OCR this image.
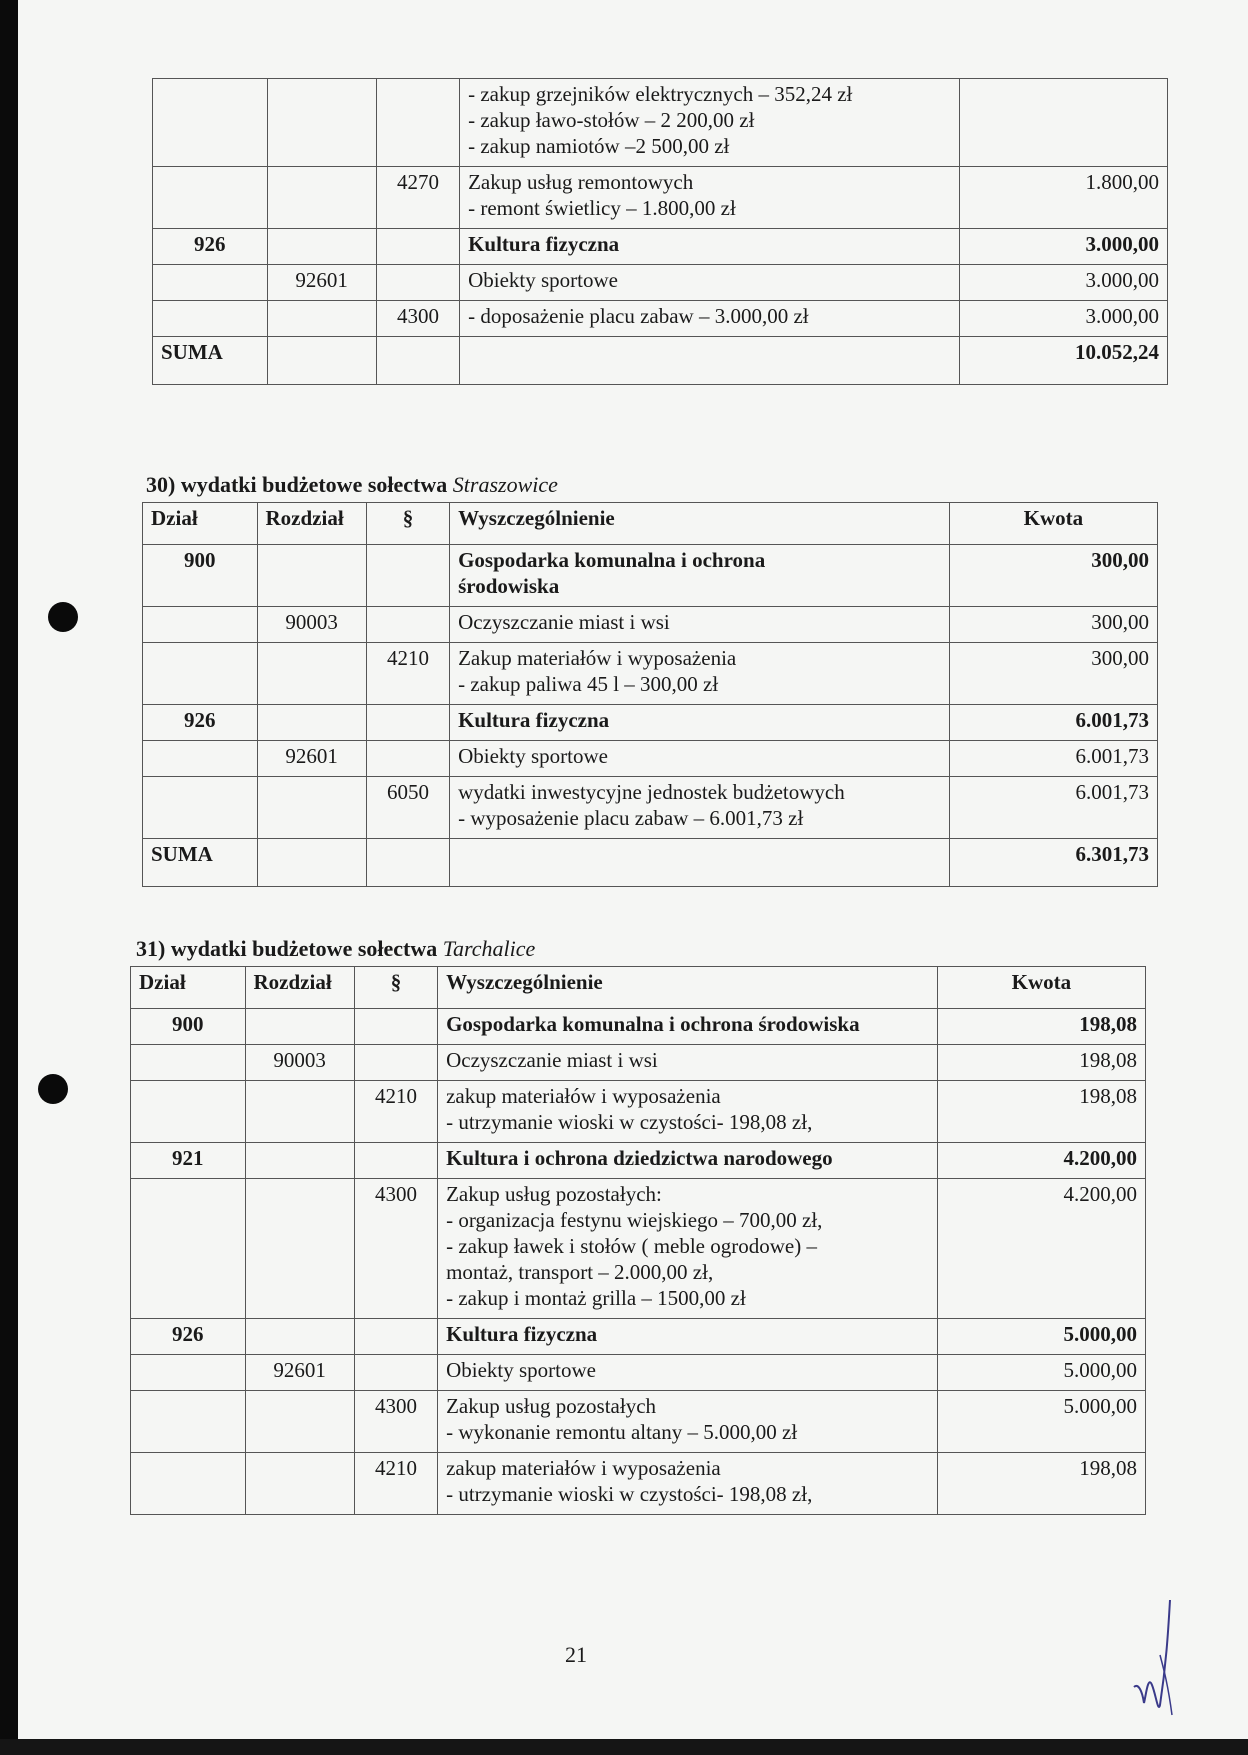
			- zakup grzejników elektrycznych – 352,24 zł
- zakup ławo-stołów – 2 200,00 zł
- zakup namiotów –2 500,00 zł	

		4270	Zakup usług remontowych
- remont świetlicy – 1.800,00 zł	1.800,00
926			Kultura fizyczna	3.000,00
	92601		Obiekty sportowe	3.000,00
		4300	- doposażenie placu zabaw – 3.000,00 zł	3.000,00
SUMA				10.052,24
30) wydatki budżetowe sołectwa Straszowice
Dział	Rozdział	§	Wyszczególnienie	Kwota
900			Gospodarka komunalna i ochrona
środowiska	300,00
	90003		Oczyszczanie miast i wsi	300,00
		4210	Zakup materiałów i wyposażenia
- zakup paliwa 45 l – 300,00 zł	300,00
926			Kultura fizyczna	6.001,73
	92601		Obiekty sportowe	6.001,73
		6050	wydatki inwestycyjne jednostek budżetowych
- wyposażenie placu zabaw – 6.001,73 zł	6.001,73
SUMA				6.301,73
31) wydatki budżetowe sołectwa Tarchalice
Dział	Rozdział	§	Wyszczególnienie	Kwota
900			Gospodarka komunalna i ochrona środowiska	198,08
	90003		Oczyszczanie miast i wsi	198,08
		4210	zakup materiałów i wyposażenia
- utrzymanie wioski w czystości- 198,08 zł,	198,08
921			Kultura i ochrona dziedzictwa narodowego	4.200,00
		4300	Zakup usług pozostałych:
- organizacja festynu wiejskiego – 700,00 zł,
- zakup ławek i stołów ( meble ogrodowe) –
montaż, transport – 2.000,00 zł,
- zakup i montaż grilla – 1500,00 zł	4.200,00
926			Kultura fizyczna	5.000,00
	92601		Obiekty sportowe	5.000,00
		4300	Zakup usług pozostałych
- wykonanie remontu altany – 5.000,00 zł	5.000,00
		4210	zakup materiałów i wyposażenia
- utrzymanie wioski w czystości- 198,08 zł,	198,08
21
